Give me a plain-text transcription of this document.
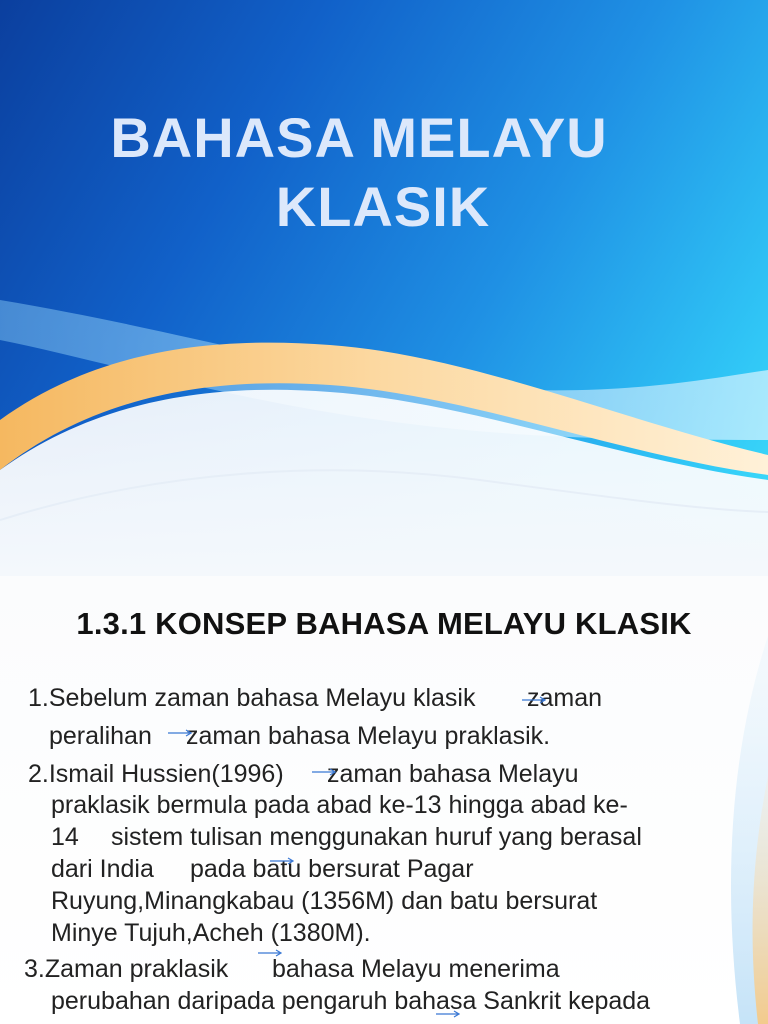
BAHASA MELAYU
KLASIK
1.3.1 KONSEP BAHASA MELAYU KLASIK
1.Sebelum zaman bahasa Melayu klasik zaman
peralihan zaman bahasa Melayu praklasik.
2.Ismail Hussien(1996) zaman bahasa Melayu
praklasik bermula pada abad ke-13 hingga abad ke-
14 sistem tulisan menggunakan huruf yang berasal
dari India pada batu bersurat Pagar
Ruyung,Minangkabau (1356M) dan batu bersurat
Minye Tujuh,Acheh (1380M).
3.Zaman praklasik bahasa Melayu menerima
perubahan daripada pengaruh bahasa Sankrit kepada
